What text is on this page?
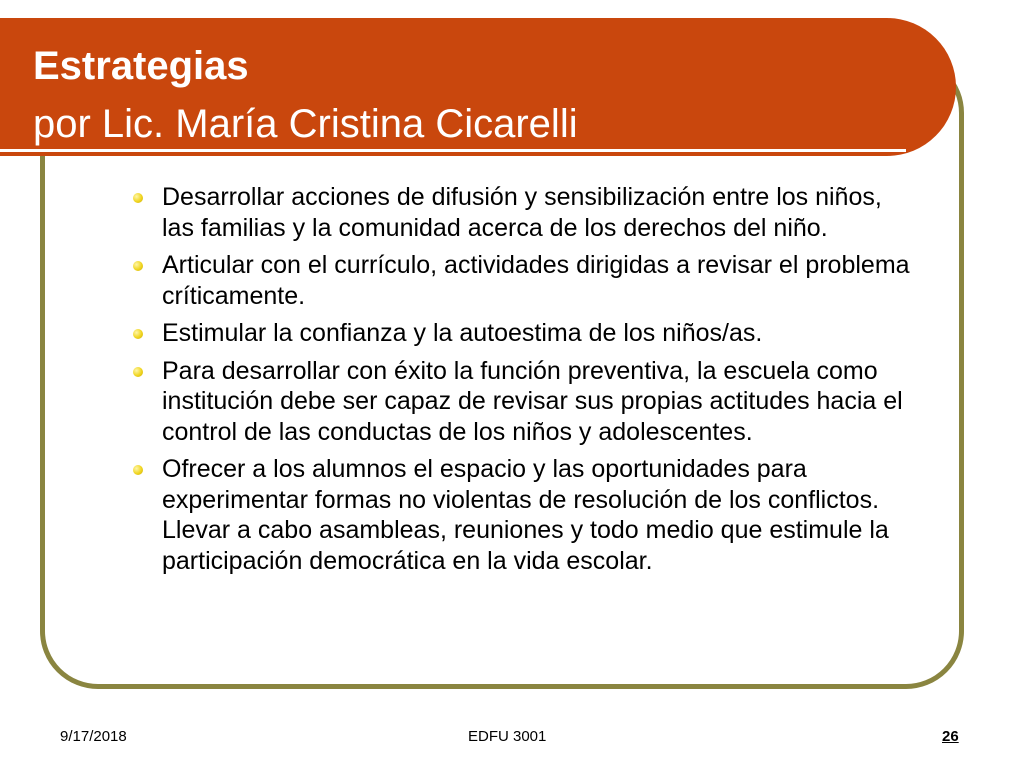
Estrategias
por Lic. María Cristina Cicarelli
Desarrollar acciones de difusión y sensibilización entre los niños, las familias y la comunidad acerca de los derechos del niño.
Articular con el currículo, actividades dirigidas a revisar el problema críticamente.
Estimular la confianza y la autoestima de los niños/as.
Para desarrollar con éxito la función preventiva, la escuela como institución debe ser capaz de revisar sus propias actitudes hacia el control de las conductas de los niños y adolescentes.
Ofrecer a los alumnos el espacio y las oportunidades para experimentar formas no violentas de resolución de los conflictos. Llevar a cabo asambleas, reuniones y todo medio que estimule la participación democrática en la vida escolar.
9/17/2018	EDFU 3001	26
